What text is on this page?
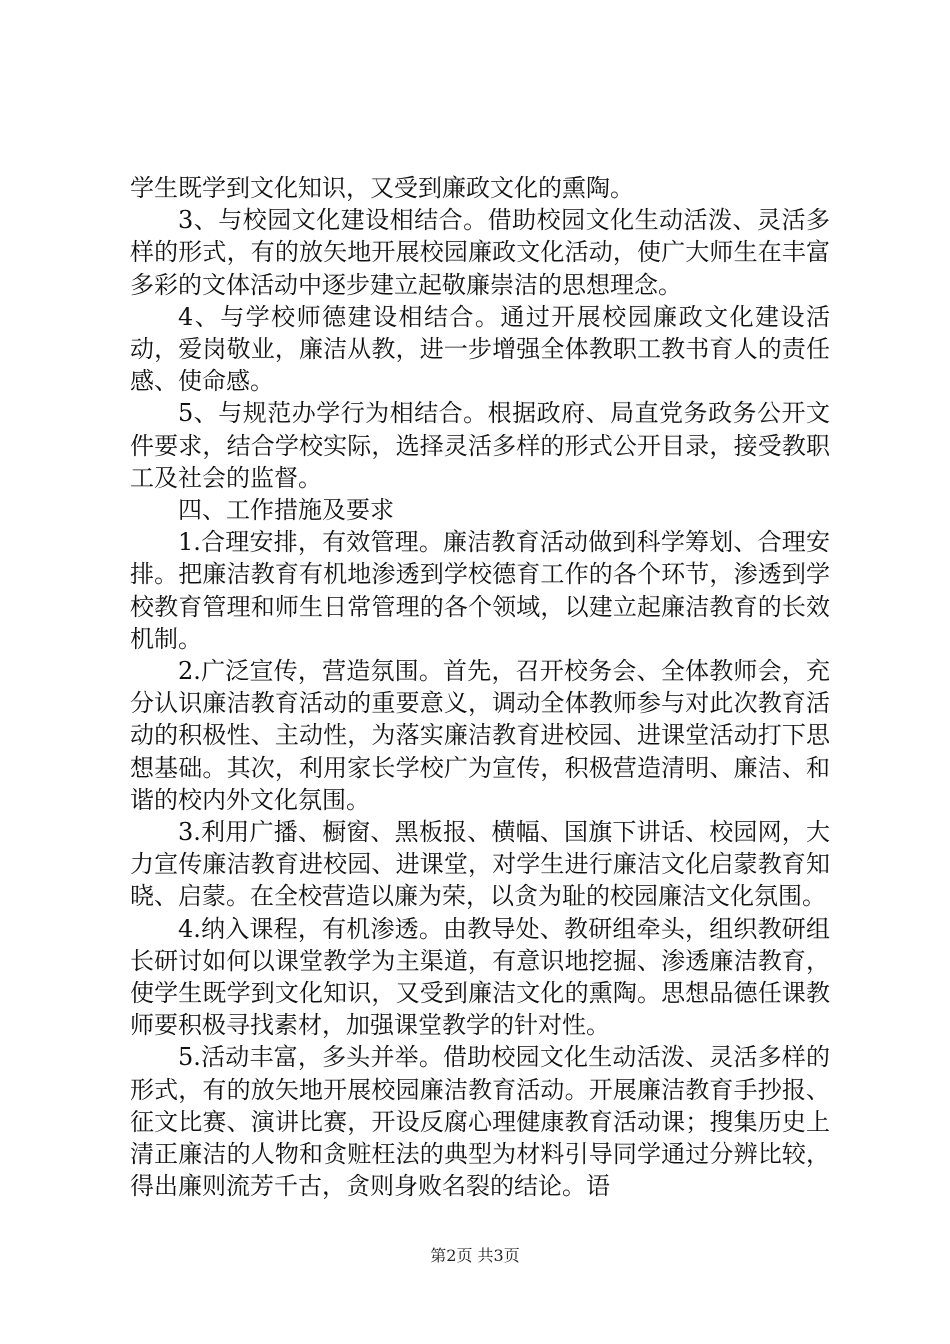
学生既学到文化知识，又受到廉政文化的熏陶。

3、与校园文化建设相结合。借助校园文化生动活泼、灵活多样的形式，有的放矢地开展校园廉政文化活动，使广大师生在丰富多彩的文体活动中逐步建立起敬廉崇洁的思想理念。

4、与学校师德建设相结合。通过开展校园廉政文化建设活动，爱岗敬业，廉洁从教，进一步增强全体教职工教书育人的责任感、使命感。

5、与规范办学行为相结合。根据政府、局直党务政务公开文件要求，结合学校实际，选择灵活多样的形式公开目录，接受教职工及社会的监督。

四、工作措施及要求

1.合理安排，有效管理。廉洁教育活动做到科学筹划、合理安排。把廉洁教育有机地渗透到学校德育工作的各个环节，渗透到学校教育管理和师生日常管理的各个领域，以建立起廉洁教育的长效机制。

2.广泛宣传，营造氛围。首先，召开校务会、全体教师会，充分认识廉洁教育活动的重要意义，调动全体教师参与对此次教育活动的积极性、主动性，为落实廉洁教育进校园、进课堂活动打下思想基础。其次，利用家长学校广为宣传，积极营造清明、廉洁、和谐的校内外文化氛围。

3.利用广播、橱窗、黑板报、横幅、国旗下讲话、校园网，大力宣传廉洁教育进校园、进课堂，对学生进行廉洁文化启蒙教育知晓、启蒙。在全校营造以廉为荣，以贪为耻的校园廉洁文化氛围。

4.纳入课程，有机渗透。由教导处、教研组牵头，组织教研组长研讨如何以课堂教学为主渠道，有意识地挖掘、渗透廉洁教育，使学生既学到文化知识，又受到廉洁文化的熏陶。思想品德任课教师要积极寻找素材，加强课堂教学的针对性。

5.活动丰富，多头并举。借助校园文化生动活泼、灵活多样的形式，有的放矢地开展校园廉洁教育活动。开展廉洁教育手抄报、征文比赛、演讲比赛，开设反腐心理健康教育活动课；搜集历史上清正廉洁的人物和贪赃枉法的典型为材料引导同学通过分辨比较，得出廉则流芳千古，贪则身败名裂的结论。语

第2页 共3页
